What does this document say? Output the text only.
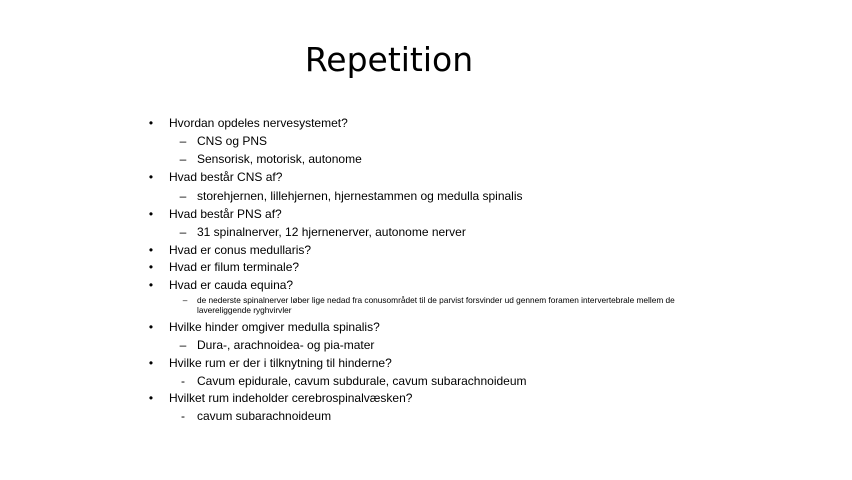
Repetition
•	Hvordan opdeles nervesystemet?
– CNS og PNS
– Sensorisk, motorisk, autonome
•	Hvad består CNS af?
– storehjernen, lillehjernen, hjernestammen og medulla spinalis
•	Hvad består PNS af?
– 31 spinalnerver, 12 hjernenerver, autonome nerver
•	Hvad er conus medullaris?
•	Hvad er filum terminale?
•	Hvad er cauda equina?
–	de nederste spinalnerver løber lige nedad fra conusområdet til de parvist forsvinder ud gennem foramen intervertebrale mellem de
lavereliggende ryghvirvler
•	Hvilke hinder omgiver medulla spinalis?
– Dura-, arachnoidea- og pia-mater
•	Hvilke rum er der i tilknytning til hinderne?
-	Cavum epidurale, cavum subdurale, cavum subarachnoideum
•	Hvilket rum indeholder cerebrospinalvæsken?
-	cavum subarachnoideum
